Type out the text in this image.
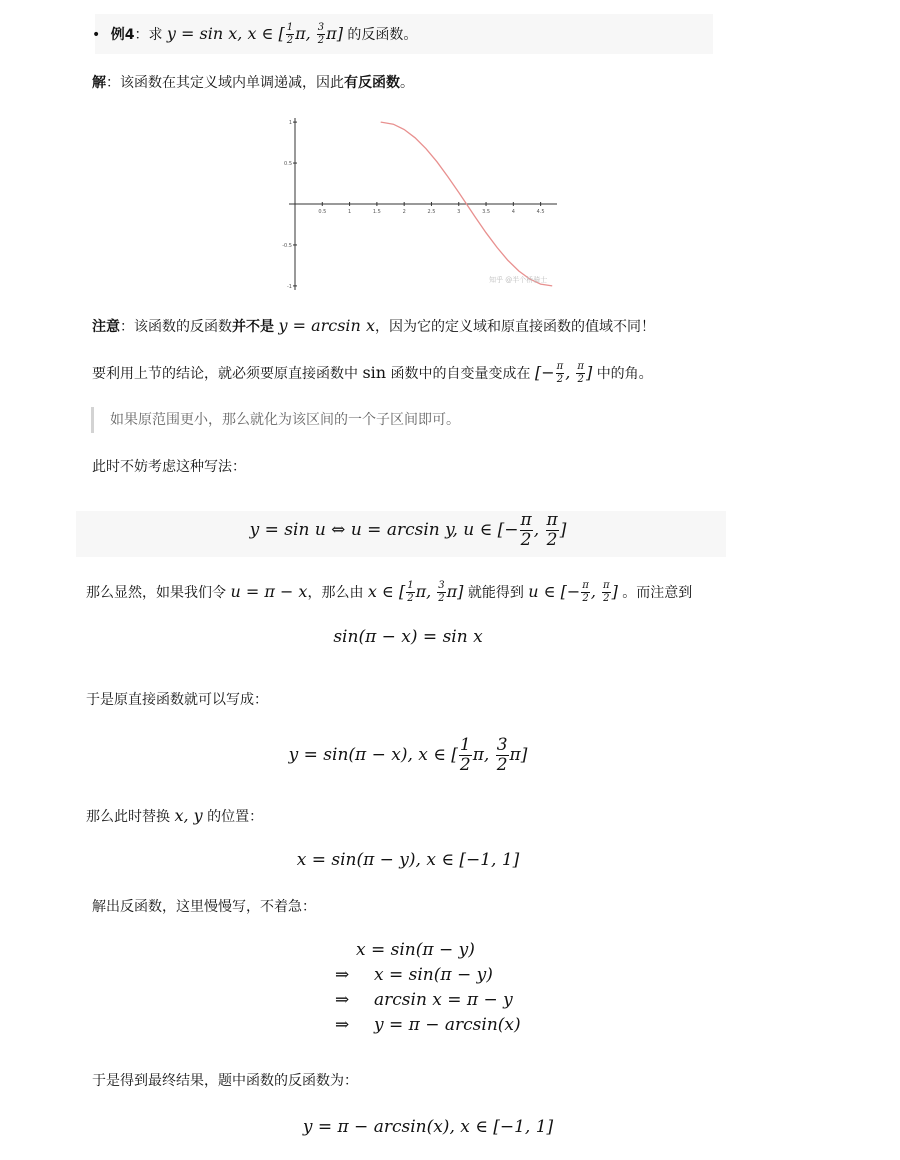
• 例4：求 y = sin x, x ∈ [ $\frac{1}{2} \pi$, $\frac{3}{2} \pi$] 的反函数。
解：该函数在其定义域内单调递减，因此有反函数。
0.5	1	1.5	2	2.5	3	3.5	4	4.5
1
0.5
-0.5
-1
知乎 @半个桥骑士
注意：该函数的反函数并不是 y = arcsin x，因为它的定义域和原直接函数的值域不同！
要利用上节的结论，就必须要原直接函数中 sin 函数中的自变量变成在 [− $\frac{\pi}{2}$ , $\frac{\pi}{2}$ ] 中的角。
如果原范围更小，那么就化为该区间的一个子区间即可。
此时不妨考虑这种写法：
y = sin u ⇔ u = arcsin y, u ∈ [− $\frac{\pi}{2}$ , $\frac{\pi}{2}$ ]
那么显然，如果我们令 u = π − x，那么由 x ∈ [ $\frac{1}{2} \pi$, $\frac{3}{2} \pi$] 就能得到 u ∈ [− $\frac{\pi}{2}$ , $\frac{\pi}{2}$ ] 。而注意到
sin(π − x) = sin x
于是原直接函数就可以写成：
y = sin(π − x), x ∈ [ $\frac{1}{2} \pi$, $\frac{3}{2} \pi$]
那么此时替换 x, y 的位置：
x = sin(π − y), x ∈ [−1, 1]
解出反函数，这里慢慢写，不着急：
x = sin(π − y)
⇒ x = sin(π − y)
⇒ arcsin x = π − y
⇒ y = π − arcsin(x)
于是得到最终结果，题中函数的反函数为：
y = π − arcsin(x), x ∈ [−1, 1]
